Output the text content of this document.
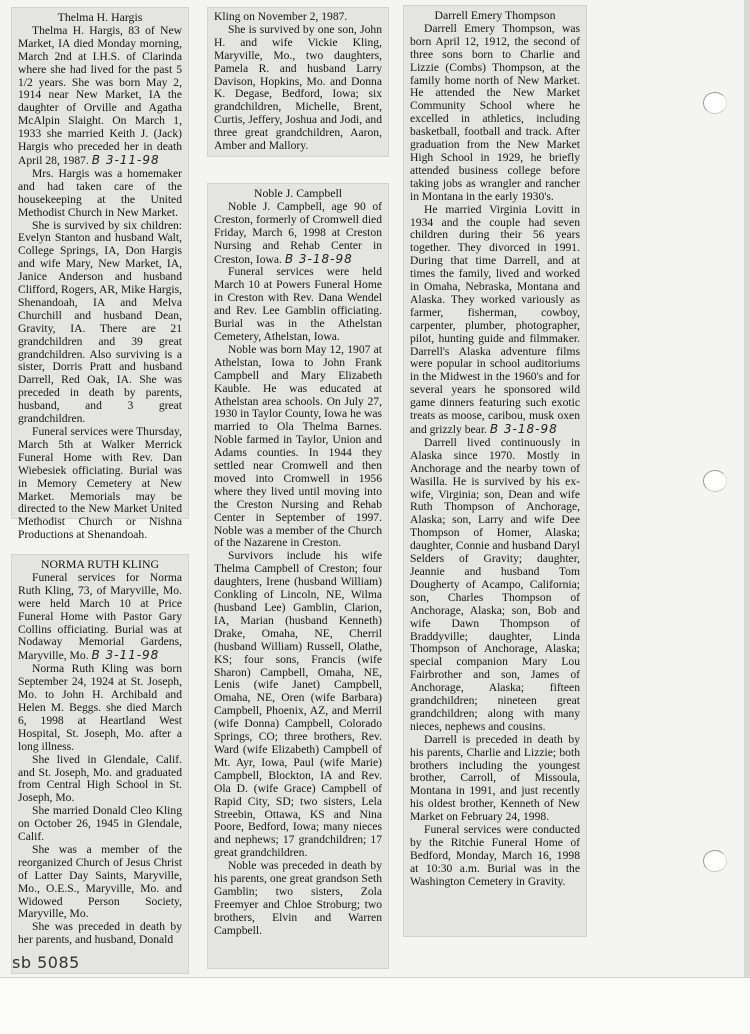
Thelma H. Hargis

Thelma H. Hargis, 83 of New Market, IA died Monday morning, March 2nd at I.H.S. of Clarinda where she had lived for the past 5 1/2 years. She was born May 2, 1914 near New Market, IA the daughter of Orville and Agatha McAlpin Slaight. On March 1, 1933 she married Keith J. (Jack) Hargis who preceded her in death April 28, 1987. B 3-11-98

Mrs. Hargis was a homemaker and had taken care of the housekeeping at the United Methodist Church in New Market.

She is survived by six children: Evelyn Stanton and husband Walt, College Springs, IA, Don Hargis and wife Mary, New Market, IA, Janice Anderson and husband Clifford, Rogers, AR, Mike Hargis, Shenandoah, IA and Melva Churchill and husband Dean, Gravity, IA. There are 21 grandchildren and 39 great grandchildren. Also surviving is a sister, Dorris Pratt and husband Darrell, Red Oak, IA. She was preceded in death by parents, husband, and 3 great grandchildren.

Funeral services were Thursday, March 5th at Walker Merrick Funeral Home with Rev. Dan Wiebesiek officiating. Burial was in Memory Cemetery at New Market. Memorials may be directed to the New Market United Methodist Church or Nishna Productions at Shenandoah.

NORMA RUTH KLING

Funeral services for Norma Ruth Kling, 73, of Maryville, Mo. were held March 10 at Price Funeral Home with Pastor Gary Collins officiating. Burial was at Nodaway Memorial Gardens, Maryville, Mo. B 3-11-98

Norma Ruth Kling was born September 24, 1924 at St. Joseph, Mo. to John H. Archibald and Helen M. Beggs. she died March 6, 1998 at Heartland West Hospital, St. Joseph, Mo. after a long illness.

She lived in Glendale, Calif. and St. Joseph, Mo. and graduated from Central High School in St. Joseph, Mo.

She married Donald Cleo Kling on October 26, 1945 in Glendale, Calif.

She was a member of the reorganized Church of Jesus Christ of Latter Day Saints, Maryville, Mo., O.E.S., Maryville, Mo. and Widowed Person Society, Maryville, Mo.

She was preceded in death by her parents, and husband, Donald

Kling on November 2, 1987.

She is survived by one son, John H. and wife Vickie Kling, Maryville, Mo., two daughters, Pamela R. and husband Larry Davison, Hopkins, Mo. and Donna K. Degase, Bedford, Iowa; six grandchildren, Michelle, Brent, Curtis, Jeffery, Joshua and Jodi, and three great grandchildren, Aaron, Amber and Mallory.

Noble J. Campbell

Noble J. Campbell, age 90 of Creston, formerly of Cromwell died Friday, March 6, 1998 at Creston Nursing and Rehab Center in Creston, Iowa. B 3-18-98

Funeral services were held March 10 at Powers Funeral Home in Creston with Rev. Dana Wendel and Rev. Lee Gamblin officiating. Burial was in the Athelstan Cemetery, Athelstan, Iowa.

Noble was born May 12, 1907 at Athelstan, Iowa to John Frank Campbell and Mary Elizabeth Kauble. He was educated at Athelstan area schools. On July 27, 1930 in Taylor County, Iowa he was married to Ola Thelma Barnes. Noble farmed in Taylor, Union and Adams counties. In 1944 they settled near Cromwell and then moved into Cromwell in 1956 where they lived until moving into the Creston Nursing and Rehab Center in September of 1997. Noble was a member of the Church of the Nazarene in Creston.

Survivors include his wife Thelma Campbell of Creston; four daughters, Irene (husband William) Conkling of Lincoln, NE, Wilma (husband Lee) Gamblin, Clarion, IA, Marian (husband Kenneth) Drake, Omaha, NE, Cherril (husband William) Russell, Olathe, KS; four sons, Francis (wife Sharon) Campbell, Omaha, NE, Lenis (wife Janet) Campbell, Omaha, NE, Oren (wife Barbara) Campbell, Phoenix, AZ, and Merril (wife Donna) Campbell, Colorado Springs, CO; three brothers, Rev. Ward (wife Elizabeth) Campbell of Mt. Ayr, Iowa, Paul (wife Marie) Campbell, Blockton, IA and Rev. Ola D. (wife Grace) Campbell of Rapid City, SD; two sisters, Lela Streebin, Ottawa, KS and Nina Poore, Bedford, Iowa; many nieces and nephews; 17 grandchildren; 17 great grandchildren.

Noble was preceded in death by his parents, one great grandson Seth Gamblin; two sisters, Zola Freemyer and Chloe Stroburg; two brothers, Elvin and Warren Campbell.

Darrell Emery Thompson

Darrell Emery Thompson, was born April 12, 1912, the second of three sons born to Charlie and Lizzie (Combs) Thompson, at the family home north of New Market. He attended the New Market Community School where he excelled in athletics, including basketball, football and track. After graduation from the New Market High School in 1929, he briefly attended business college before taking jobs as wrangler and rancher in Montana in the early 1930's.

He married Virginia Lovitt in 1934 and the couple had seven children during their 56 years together. They divorced in 1991. During that time Darrell, and at times the family, lived and worked in Omaha, Nebraska, Montana and Alaska. They worked variously as farmer, fisherman, cowboy, carpenter, plumber, photographer, pilot, hunting guide and filmmaker. Darrell's Alaska adventure films were popular in school auditoriums in the Midwest in the 1960's and for several years he sponsored wild game dinners featuring such exotic treats as moose, caribou, musk oxen and grizzly bear. B 3-18-98

Darrell lived continuously in Alaska since 1970. Mostly in Anchorage and the nearby town of Wasilla. He is survived by his ex-wife, Virginia; son, Dean and wife Ruth Thompson of Anchorage, Alaska; son, Larry and wife Dee Thompson of Homer, Alaska; daughter, Connie and husband Daryl Selders of Gravity; daughter, Jeannie and husband Tom Dougherty of Acampo, California; son, Charles Thompson of Anchorage, Alaska; son, Bob and wife Dawn Thompson of Braddyville; daughter, Linda Thompson of Anchorage, Alaska; special companion Mary Lou Fairbrother and son, James of Anchorage, Alaska; fifteen grandchildren; nineteen great grandchildren; along with many nieces, nephews and cousins.

Darrell is preceded in death by his parents, Charlie and Lizzie; both brothers including the youngest brother, Carroll, of Missoula, Montana in 1991, and just recently his oldest brother, Kenneth of New Market on February 24, 1998.

Funeral services were conducted by the Ritchie Funeral Home of Bedford, Monday, March 16, 1998 at 10:30 a.m. Burial was in the Washington Cemetery in Gravity.

sb 5085
